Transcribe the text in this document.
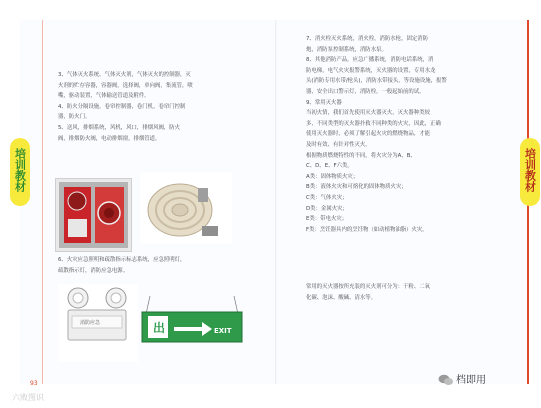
培训教材	培训教材

3、气体灭火系统，气体灭火剂，气体灭火的控制器，灭

火剂的贮存容器，容器阀，选择阀，单向阀，集流管，喷

嘴，驱动装置，气体输送管道及附件。

4、防火分隔设施，卷帘控制器，卷门机，卷帘门控制

器，防火门。

5、送风，排烟系统，风机，风口，排烟风阀，防火

阀，排烟防火阀，电动排烟窗，排烟管道。

6、火灾应急照明和疏散指示标志系统，应急照明灯，

疏散指示灯，消防应急电源。

消防应急	出	EXIT

7、消火栓灭火系统，消火栓，消防水枪，固定消防

炮，消防泵控制系统，消防水泵。

8、其他消防产品，应急广播系统，消防电话系统，消

防电梯，电气火灾报警系统，灭火器的设置，专用水龙

头(消防专用水带/枪头)，消防水带接头，等设施设施，报警

器，安全出口警示灯，消防栓，一般起始前的试。

9、常用灭火器

当初火情，我们首先使用灭火器灭火，灭火器种类较

多，不同类型的灭火器扑救不同种类的火灾，因此，正确

使用灭火器时，必须了解引起火灾的燃烧物品，才能

及时有效、有针对性灭火。

根据物质燃烧特性的不同，将火灾分为A、B、

C、D、E、F六类。

A类：固体物质火灾；

B类：液体火灾和可熔化的固体物质火灾；

C类：气体火灾；

D类：金属火灾；

E类：带电火灾；

F类：烹饪器具内的烹饪物（如动植物油脂）火灾。

常用的灭火器按所充装的灭火剂可分为：干粉、二氧

化碳、泡沫、酸碱、清水等。

93
六败图识
档即用
